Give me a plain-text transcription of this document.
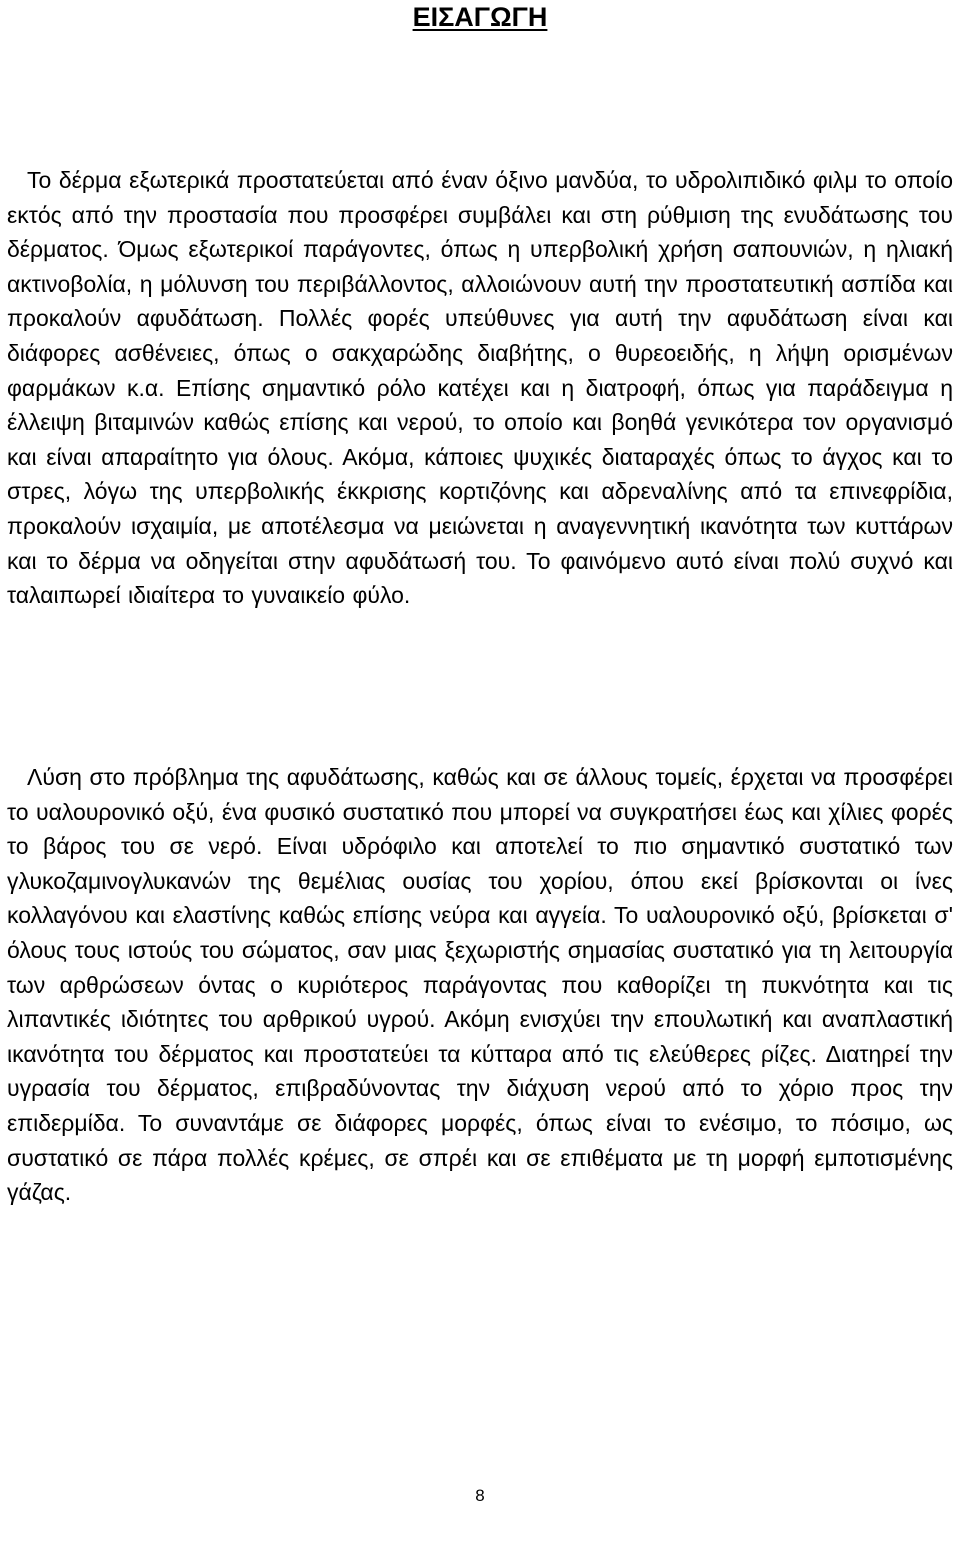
ΕΙΣΑΓΩΓΗ

Το δέρμα εξωτερικά προστατεύεται από έναν όξινο μανδύα, το υδρολιπιδικό φιλμ το οποίο εκτός από την προστασία που προσφέρει συμβάλει και στη ρύθμιση της ενυδάτωσης του δέρματος. Όμως εξωτερικοί παράγοντες, όπως η υπερβολική χρήση σαπουνιών, η ηλιακή ακτινοβολία, η μόλυνση του περιβάλλοντος, αλλοιώνουν αυτή την προστατευτική ασπίδα και προκαλούν αφυδάτωση. Πολλές φορές υπεύθυνες για αυτή την αφυδάτωση είναι και διάφορες ασθένειες, όπως ο σακχαρώδης διαβήτης, ο θυρεοειδής, η λήψη ορισμένων φαρμάκων κ.α. Επίσης σημαντικό ρόλο κατέχει και η διατροφή, όπως για παράδειγμα η έλλειψη βιταμινών καθώς επίσης και νερού, το οποίο και βοηθά γενικότερα τον οργανισμό και είναι απαραίτητο για όλους. Ακόμα, κάποιες ψυχικές διαταραχές όπως το άγχος και το στρες, λόγω της υπερβολικής έκκρισης κορτιζόνης και αδρεναλίνης από τα επινεφρίδια, προκαλούν ισχαιμία, με αποτέλεσμα να μειώνεται η αναγεννητική ικανότητα των κυττάρων και το δέρμα να οδηγείται στην αφυδάτωσή του. Το φαινόμενο αυτό είναι πολύ συχνό και ταλαιπωρεί ιδιαίτερα το γυναικείο φύλο.

Λύση στο πρόβλημα της αφυδάτωσης, καθώς και σε άλλους τομείς, έρχεται να προσφέρει το υαλουρονικό οξύ, ένα φυσικό συστατικό που μπορεί να συγκρατήσει έως και χίλιες φορές το βάρος του σε νερό. Είναι υδρόφιλο και αποτελεί το πιο σημαντικό συστατικό των γλυκοζαμινογλυκανών της θεμέλιας ουσίας του χορίου, όπου εκεί βρίσκονται οι ίνες κολλαγόνου και ελαστίνης καθώς επίσης νεύρα και αγγεία. Το υαλουρονικό οξύ, βρίσκεται σ' όλους τους ιστούς του σώματος, σαν μιας ξεχωριστής σημασίας συστατικό για τη λειτουργία των αρθρώσεων όντας ο κυριότερος παράγοντας που καθορίζει τη πυκνότητα και τις λιπαντικές ιδιότητες του αρθρικού υγρού. Ακόμη ενισχύει την επουλωτική και αναπλαστική ικανότητα του δέρματος και προστατεύει τα κύτταρα από τις ελεύθερες ρίζες. Διατηρεί την υγρασία του δέρματος, επιβραδύνοντας την διάχυση νερού από το χόριο προς την επιδερμίδα. Το συναντάμε σε διάφορες μορφές, όπως είναι το ενέσιμο, το πόσιμο, ως συστατικό σε πάρα πολλές κρέμες, σε σπρέι και σε επιθέματα με τη μορφή εμποτισμένης γάζας.

8
